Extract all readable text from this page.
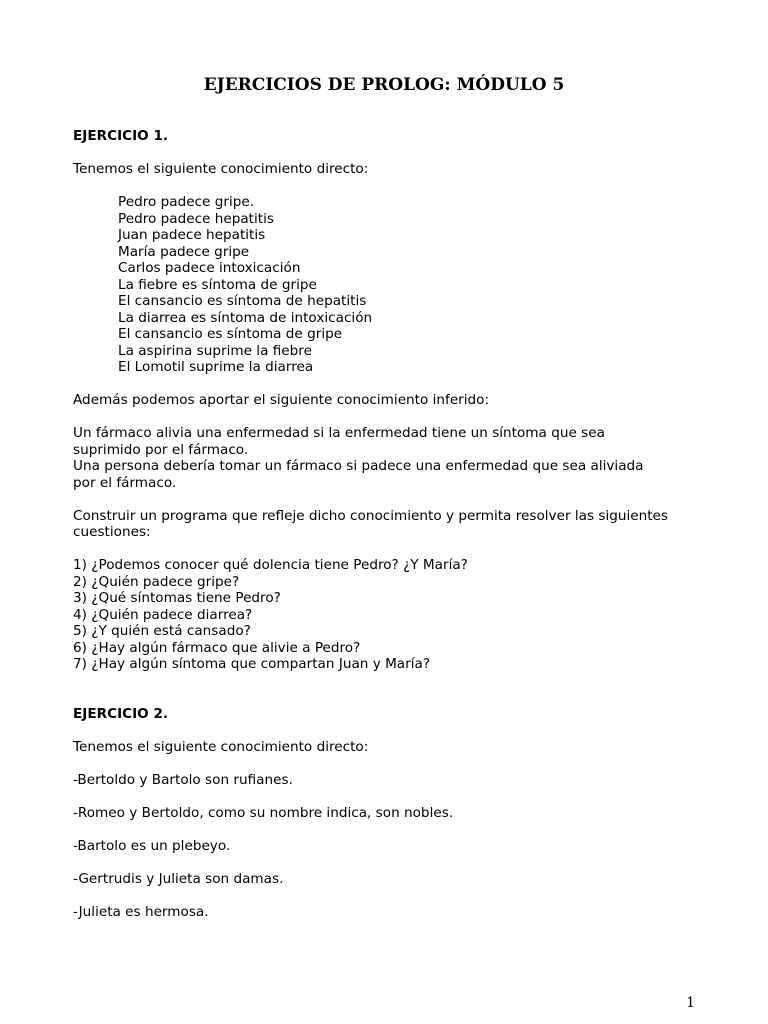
EJERCICIOS DE PROLOG: MÓDULO 5

EJERCICIO 1.

Tenemos el siguiente conocimiento directo:

Pedro padece gripe.

Pedro padece hepatitis

Juan padece hepatitis

María padece gripe

Carlos padece intoxicación

La fiebre es síntoma de gripe

El cansancio es síntoma de hepatitis

La diarrea es síntoma de intoxicación

El cansancio es síntoma de gripe

La aspirina suprime la fiebre

El Lomotil suprime la diarrea

Además podemos aportar el siguiente conocimiento inferido:

Un fármaco alivia una enfermedad si la enfermedad tiene un síntoma que sea

suprimido por el fármaco.

Una persona debería tomar un fármaco si padece una enfermedad que sea aliviada

por el fármaco.

Construir un programa que refleje dicho conocimiento y permita resolver las siguientes

cuestiones:

1) ¿Podemos conocer qué dolencia tiene Pedro? ¿Y María?

2) ¿Quién padece gripe?

3) ¿Qué síntomas tiene Pedro?

4) ¿Quién padece diarrea?

5) ¿Y quién está cansado?

6) ¿Hay algún fármaco que alivie a Pedro?

7) ¿Hay algún síntoma que compartan Juan y María?

EJERCICIO 2.

Tenemos el siguiente conocimiento directo:

-Bertoldo y Bartolo son rufianes.

-Romeo y Bertoldo, como su nombre indica, son nobles.

-Bartolo es un plebeyo.

-Gertrudis y Julieta son damas.

-Julieta es hermosa.

1
